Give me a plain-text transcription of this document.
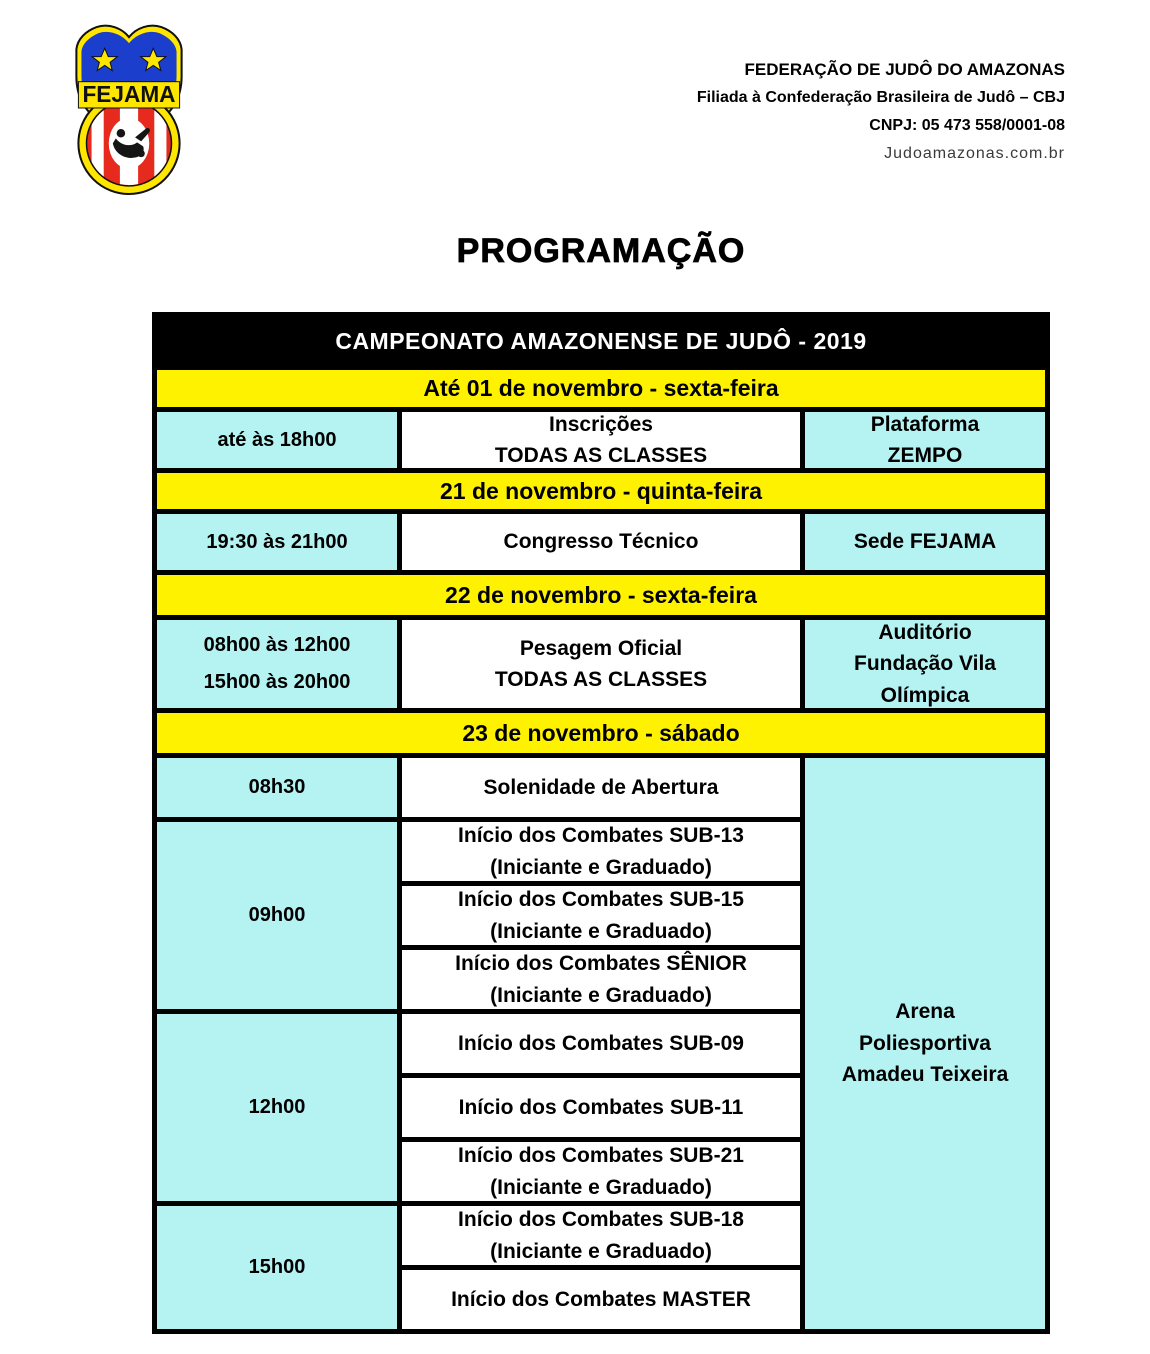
FEJAMA
FEDERAÇÃO DE JUDÔ DO AMAZONAS
Filiada à Confederação Brasileira de Judô – CBJ
CNPJ: 05 473 558/0001-08
Judoamazonas.com.br
PROGRAMAÇÃO
CAMPEONATO AMAZONENSE DE JUDÔ - 2019
Até 01 de novembro - sexta-feira
até às 18h00
Inscrições
TODAS AS CLASSES
Plataforma
ZEMPO
21 de novembro - quinta-feira
19:30 às 21h00	Congresso Técnico	Sede FEJAMA
22 de novembro - sexta-feira
08h00 às 12h00
15h00 às 20h00
Pesagem Oficial
TODAS AS CLASSES
Auditório
Fundação Vila
Olímpica
23 de novembro - sábado
08h30
09h00
12h00
15h00
Solenidade de Abertura
Início dos Combates SUB-13
(Iniciante e Graduado)
Início dos Combates SUB-15
(Iniciante e Graduado)
Início dos Combates SÊNIOR
(Iniciante e Graduado)
Início dos Combates SUB-09
Início dos Combates SUB-11
Início dos Combates SUB-21
(Iniciante e Graduado)
Início dos Combates SUB-18
(Iniciante e Graduado)
Início dos Combates MASTER
Arena
Poliesportiva
Amadeu Teixeira
